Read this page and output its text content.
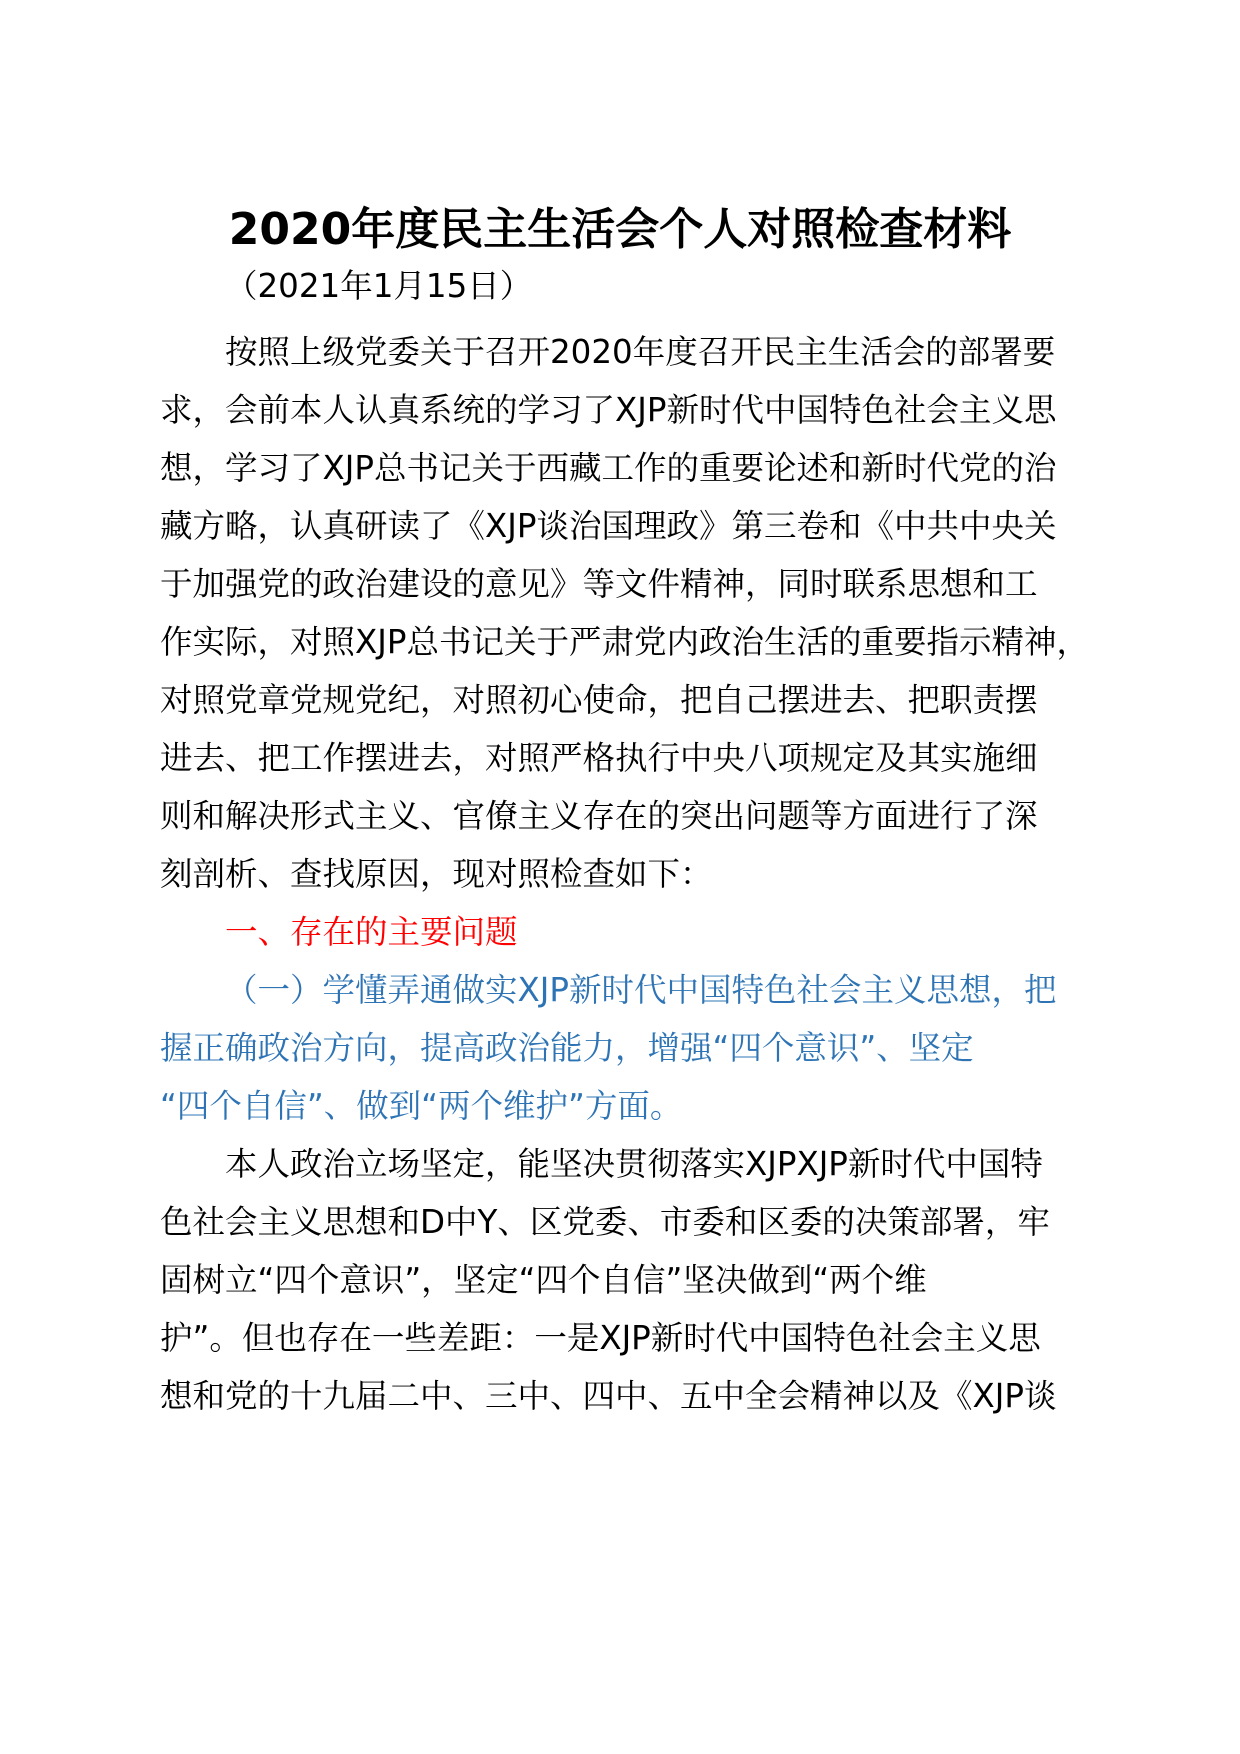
2020年度民主生活会个人对照检查材料
（2021年1月15日）
按照上级党委关于召开2020年度召开民主生活会的部署要
求，会前本人认真系统的学习了XJP新时代中国特色社会主义思
想，学习了XJP总书记关于西藏工作的重要论述和新时代党的治
藏方略，认真研读了《XJP谈治国理政》第三卷和《中共中央关
于加强党的政治建设的意见》等文件精神，同时联系思想和工
作实际，对照XJP总书记关于严肃党内政治生活的重要指示精神，
对照党章党规党纪，对照初心使命，把自己摆进去、把职责摆
进去、把工作摆进去，对照严格执行中央八项规定及其实施细
则和解决形式主义、官僚主义存在的突出问题等方面进行了深
刻剖析、查找原因，现对照检查如下：
一、存在的主要问题
（一）学懂弄通做实XJP新时代中国特色社会主义思想，把
握正确政治方向，提高政治能力，增强“四个意识”、坚定
“四个自信”、做到“两个维护”方面。
本人政治立场坚定，能坚决贯彻落实XJPXJP新时代中国特
色社会主义思想和D中Y、区党委、市委和区委的决策部署，牢
固树立“四个意识”，坚定“四个自信”坚决做到“两个维
护”。但也存在一些差距：一是XJP新时代中国特色社会主义思
想和党的十九届二中、三中、四中、五中全会精神以及《XJP谈
